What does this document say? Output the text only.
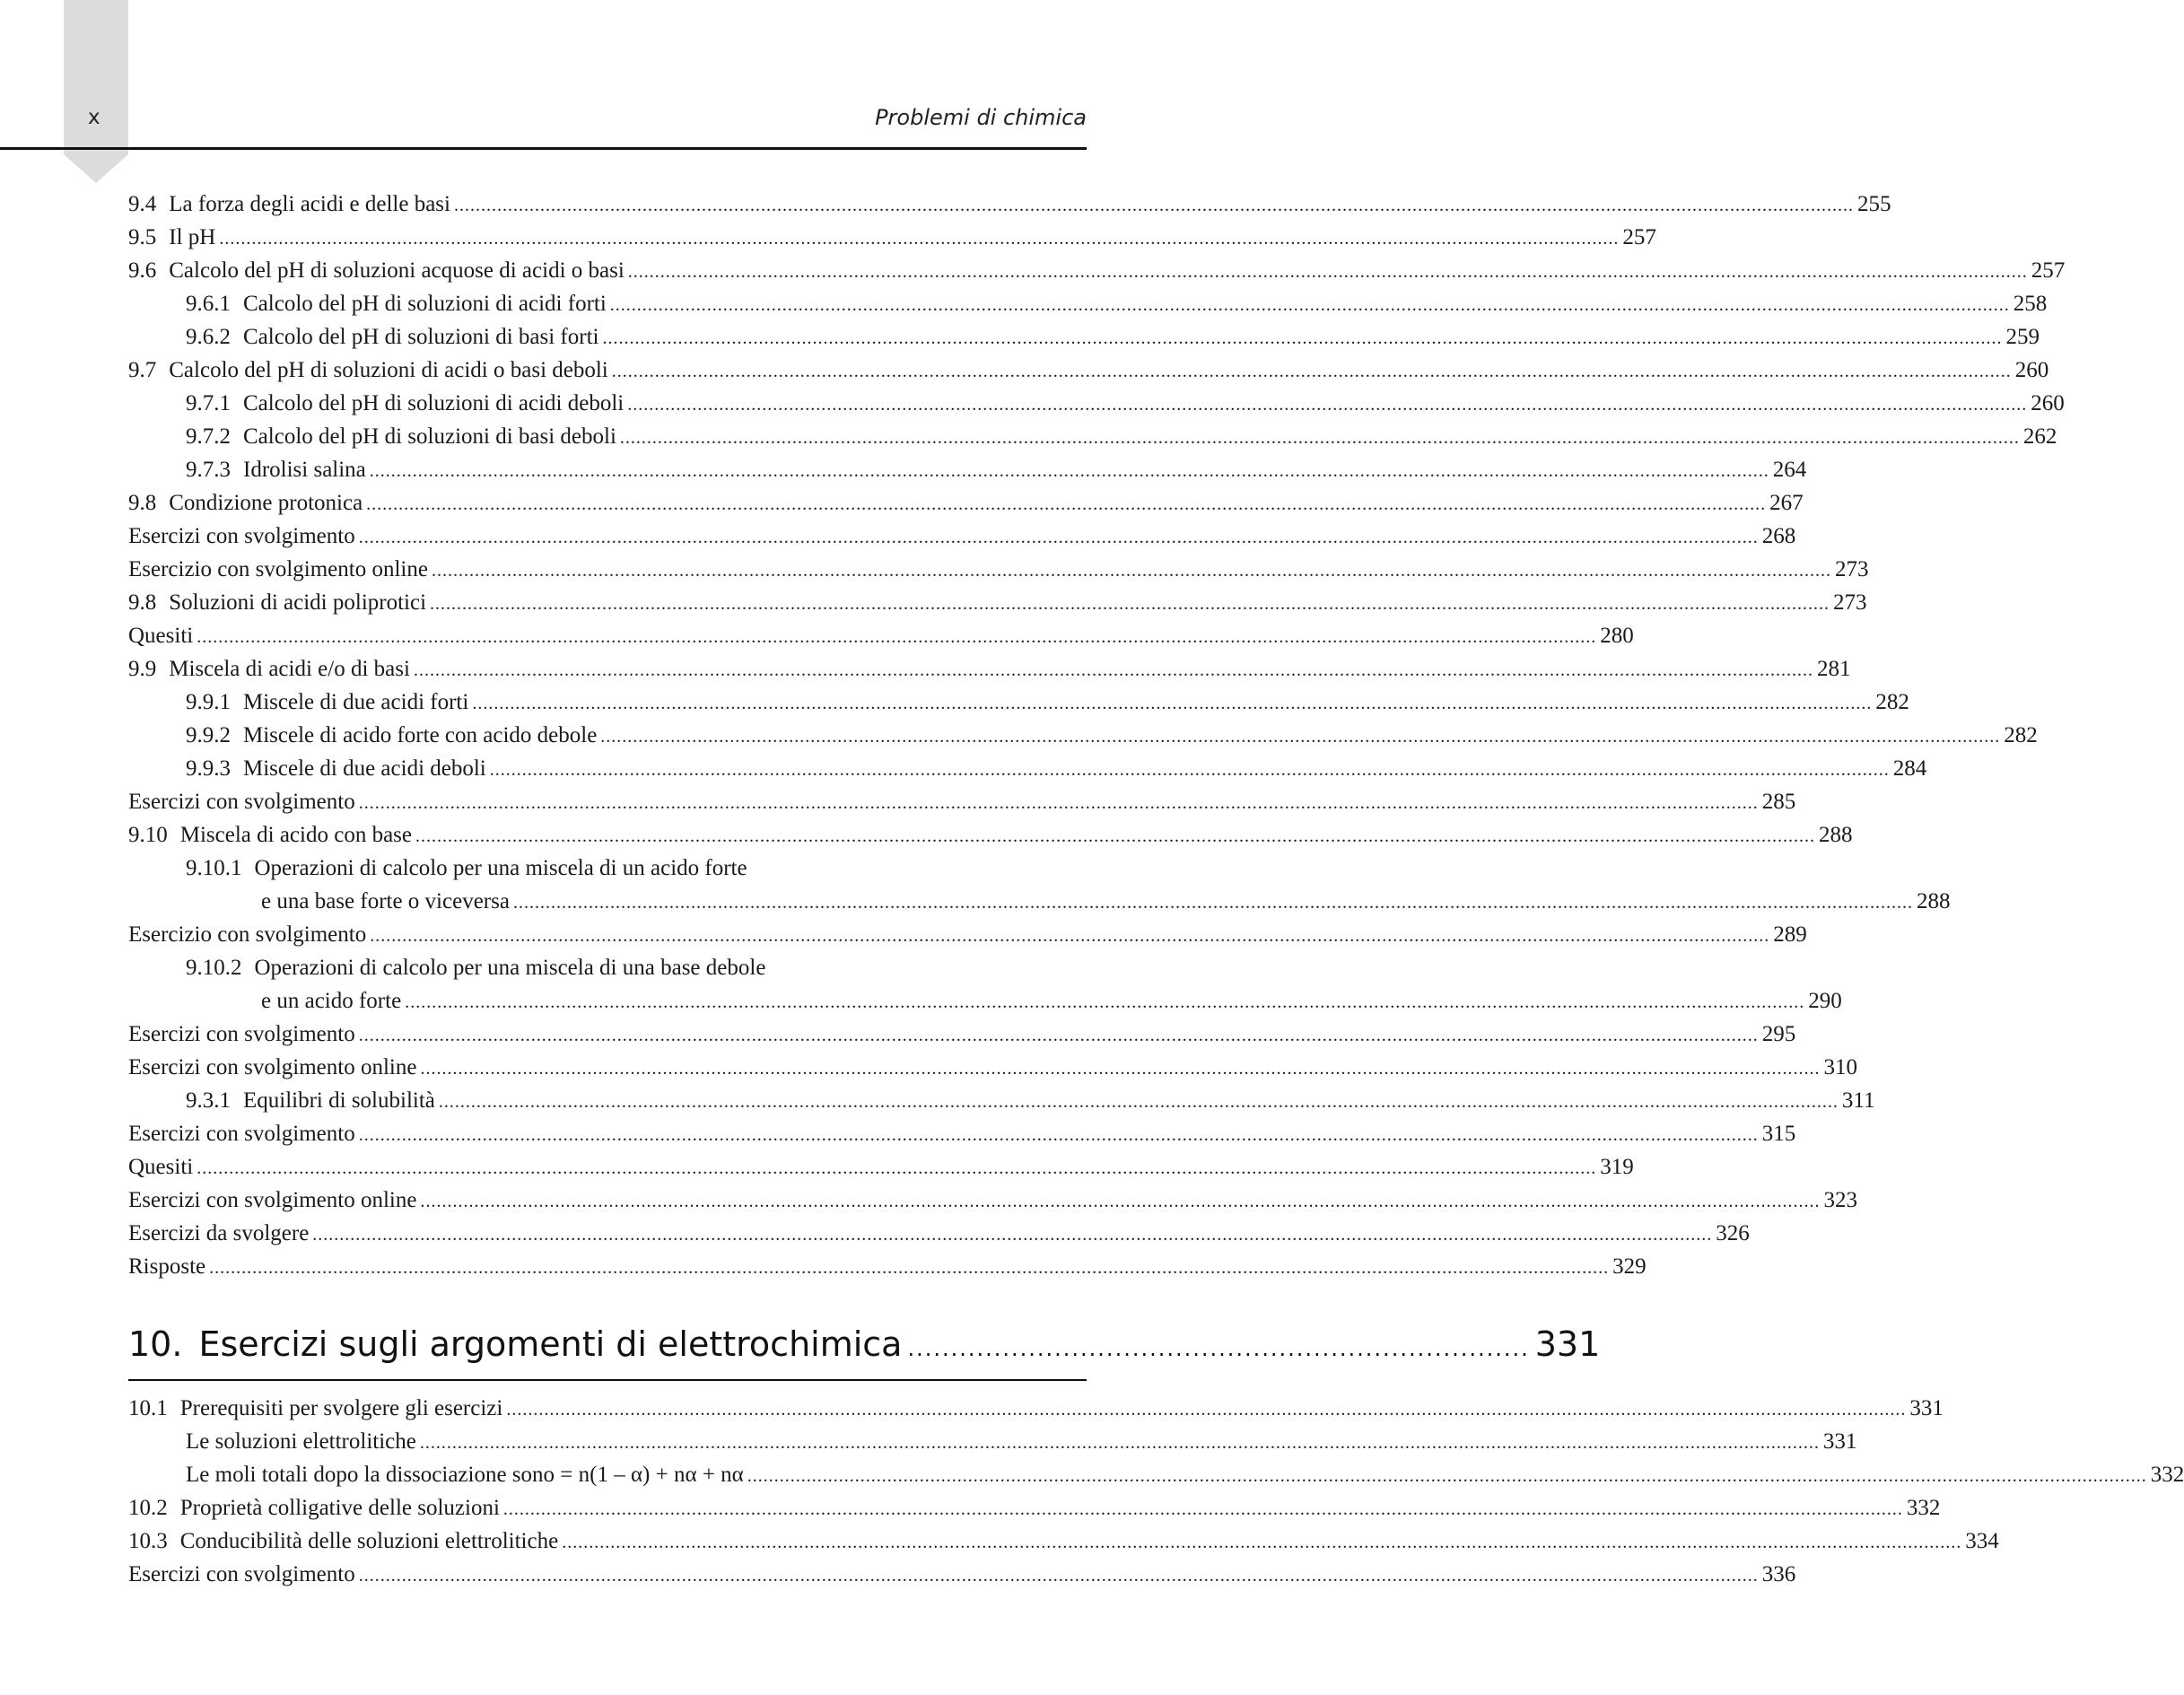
x	Problemi di chimica
9.4 La forza degli acidi e delle basi .................................................................................................................................................................................................................................................................... 255
9.5 Il pH .................................................................................................................................................................................................................................................................... 257
9.6 Calcolo del pH di soluzioni acquose di acidi o basi .................................................................................................................................................................................................................................................................... 257
9.6.1 Calcolo del pH di soluzioni di acidi forti .................................................................................................................................................................................................................................................................... 258
9.6.2 Calcolo del pH di soluzioni di basi forti .................................................................................................................................................................................................................................................................... 259
9.7 Calcolo del pH di soluzioni di acidi o basi deboli .................................................................................................................................................................................................................................................................... 260
9.7.1 Calcolo del pH di soluzioni di acidi deboli .................................................................................................................................................................................................................................................................... 260
9.7.2 Calcolo del pH di soluzioni di basi deboli .................................................................................................................................................................................................................................................................... 262
9.7.3 Idrolisi salina .................................................................................................................................................................................................................................................................... 264
9.8 Condizione protonica .................................................................................................................................................................................................................................................................... 267
Esercizi con svolgimento .................................................................................................................................................................................................................................................................... 268
Esercizio con svolgimento online .................................................................................................................................................................................................................................................................... 273
9.8 Soluzioni di acidi poliprotici .................................................................................................................................................................................................................................................................... 273
Quesiti .................................................................................................................................................................................................................................................................... 280
9.9 Miscela di acidi e/o di basi .................................................................................................................................................................................................................................................................... 281
9.9.1 Miscele di due acidi forti .................................................................................................................................................................................................................................................................... 282
9.9.2 Miscele di acido forte con acido debole .................................................................................................................................................................................................................................................................... 282
9.9.3 Miscele di due acidi deboli .................................................................................................................................................................................................................................................................... 284
Esercizi con svolgimento .................................................................................................................................................................................................................................................................... 285
9.10 Miscela di acido con base .................................................................................................................................................................................................................................................................... 288
9.10.1 Operazioni di calcolo per una miscela di un acido forte
e una base forte o viceversa .................................................................................................................................................................................................................................................................... 288
Esercizio con svolgimento .................................................................................................................................................................................................................................................................... 289
9.10.2 Operazioni di calcolo per una miscela di una base debole
e un acido forte .................................................................................................................................................................................................................................................................... 290
Esercizi con svolgimento .................................................................................................................................................................................................................................................................... 295
Esercizi con svolgimento online .................................................................................................................................................................................................................................................................... 310
9.3.1 Equilibri di solubilità .................................................................................................................................................................................................................................................................... 311
Esercizi con svolgimento .................................................................................................................................................................................................................................................................... 315
Quesiti .................................................................................................................................................................................................................................................................... 319
Esercizi con svolgimento online .................................................................................................................................................................................................................................................................... 323
Esercizi da svolgere .................................................................................................................................................................................................................................................................... 326
Risposte .................................................................................................................................................................................................................................................................... 329
10. Esercizi sugli argomenti di elettrochimica ........................................................................ 331
10.1 Prerequisiti per svolgere gli esercizi .................................................................................................................................................................................................................................................................... 331
Le soluzioni elettrolitiche .................................................................................................................................................................................................................................................................... 331
Le moli totali dopo la dissociazione sono = n(1 – α) + nα + nα .................................................................................................................................................................................................................................................................... 332
10.2 Proprietà colligative delle soluzioni .................................................................................................................................................................................................................................................................... 332
10.3 Conducibilità delle soluzioni elettrolitiche .................................................................................................................................................................................................................................................................... 334
Esercizi con svolgimento .................................................................................................................................................................................................................................................................... 336
